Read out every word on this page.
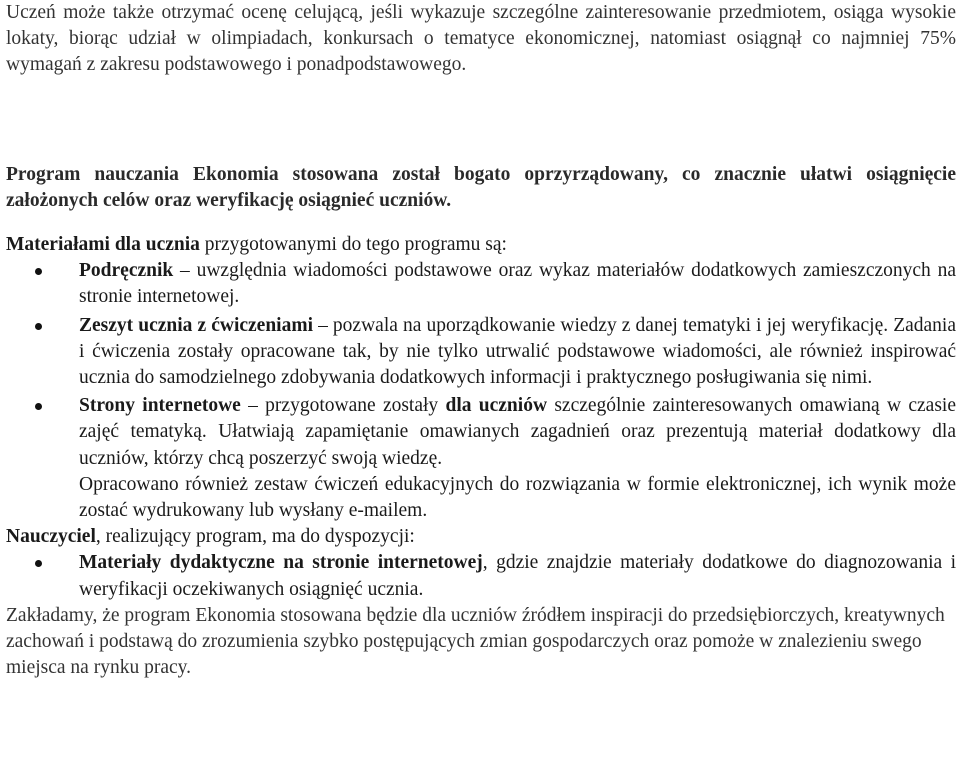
Uczeń może także otrzymać ocenę celującą, jeśli wykazuje szczególne zainteresowanie przedmiotem, osiąga wysokie lokaty, biorąc udział w olimpiadach, konkursach o tematyce ekonomicznej, natomiast osiągnął co najmniej 75% wymagań z zakresu podstawowego i ponadpodstawowego.

Program nauczania Ekonomia stosowana został bogato oprzyrządowany, co znacznie ułatwi osiągnięcie założonych celów oraz weryfikację osiągnieć uczniów.

Materiałami dla ucznia przygotowanymi do tego programu są:

Podręcznik – uwzględnia wiadomości podstawowe oraz wykaz materiałów dodatkowych zamieszczonych na stronie internetowej.
Zeszyt ucznia z ćwiczeniami – pozwala na uporządkowanie wiedzy z danej tematyki i jej weryfikację. Zadania i ćwiczenia zostały opracowane tak, by nie tylko utrwalić podstawowe wiadomości, ale również inspirować ucznia do samodzielnego zdobywania dodatkowych informacji i praktycznego posługiwania się nimi.
Strony internetowe – przygotowane zostały dla uczniów szczególnie zainteresowanych omawianą w czasie zajęć tematyką. Ułatwiają zapamiętanie omawianych zagadnień oraz prezentują materiał dodatkowy dla uczniów, którzy chcą poszerzyć swoją wiedzę.

Opracowano również zestaw ćwiczeń edukacyjnych do rozwiązania w formie elektronicznej, ich wynik może zostać wydrukowany lub wysłany e-mailem.

Nauczyciel, realizujący program, ma do dyspozycji:

Materiały dydaktyczne na stronie internetowej, gdzie znajdzie materiały dodatkowe do diagnozowania i weryfikacji oczekiwanych osiągnięć ucznia.

Zakładamy, że program Ekonomia stosowana będzie dla uczniów źródłem inspiracji do przedsiębiorczych, kreatywnych zachowań i podstawą do zrozumienia szybko postępujących zmian gospodarczych oraz pomoże w znalezieniu swego miejsca na rynku pracy.
